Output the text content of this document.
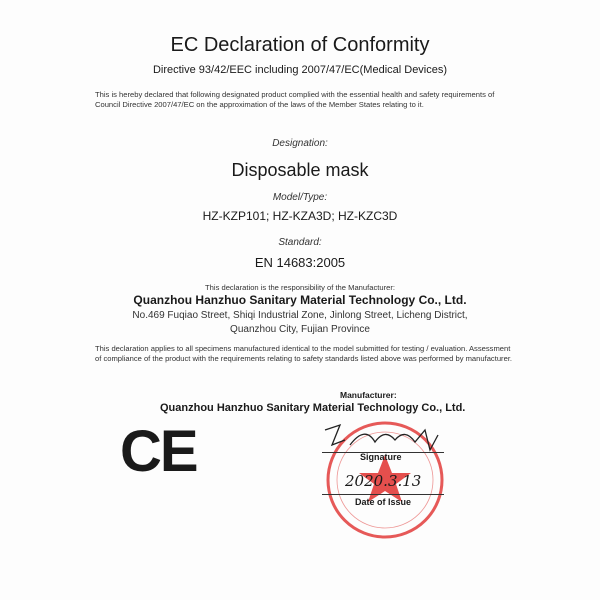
EC Declaration of Conformity
Directive 93/42/EEC including 2007/47/EC(Medical Devices)
This is hereby declared that following designated product complied with the essential health and safety requirements of Council Directive 2007/47/EC on the approximation of the laws of the Member States relating to it.
Designation:
Disposable mask
Model/Type:
HZ-KZP101; HZ-KZA3D; HZ-KZC3D
Standard:
EN 14683:2005
This declaration is the responsibility of the Manufacturer:
Quanzhou Hanzhuo Sanitary Material Technology Co., Ltd.
No.469 Fuqiao Street, Shiqi Industrial Zone, Jinlong Street, Licheng District,
Quanzhou City, Fujian Province
This declaration applies to all specimens manufactured identical to the model submitted for testing / evaluation. Assessment of compliance of the product with the requirements relating to safety standards listed above was performed by manufacturer.
Manufacturer:
Quanzhou Hanzhuo Sanitary Material Technology Co., Ltd.
CE	Signature
2020.3.13
Date of Issue
